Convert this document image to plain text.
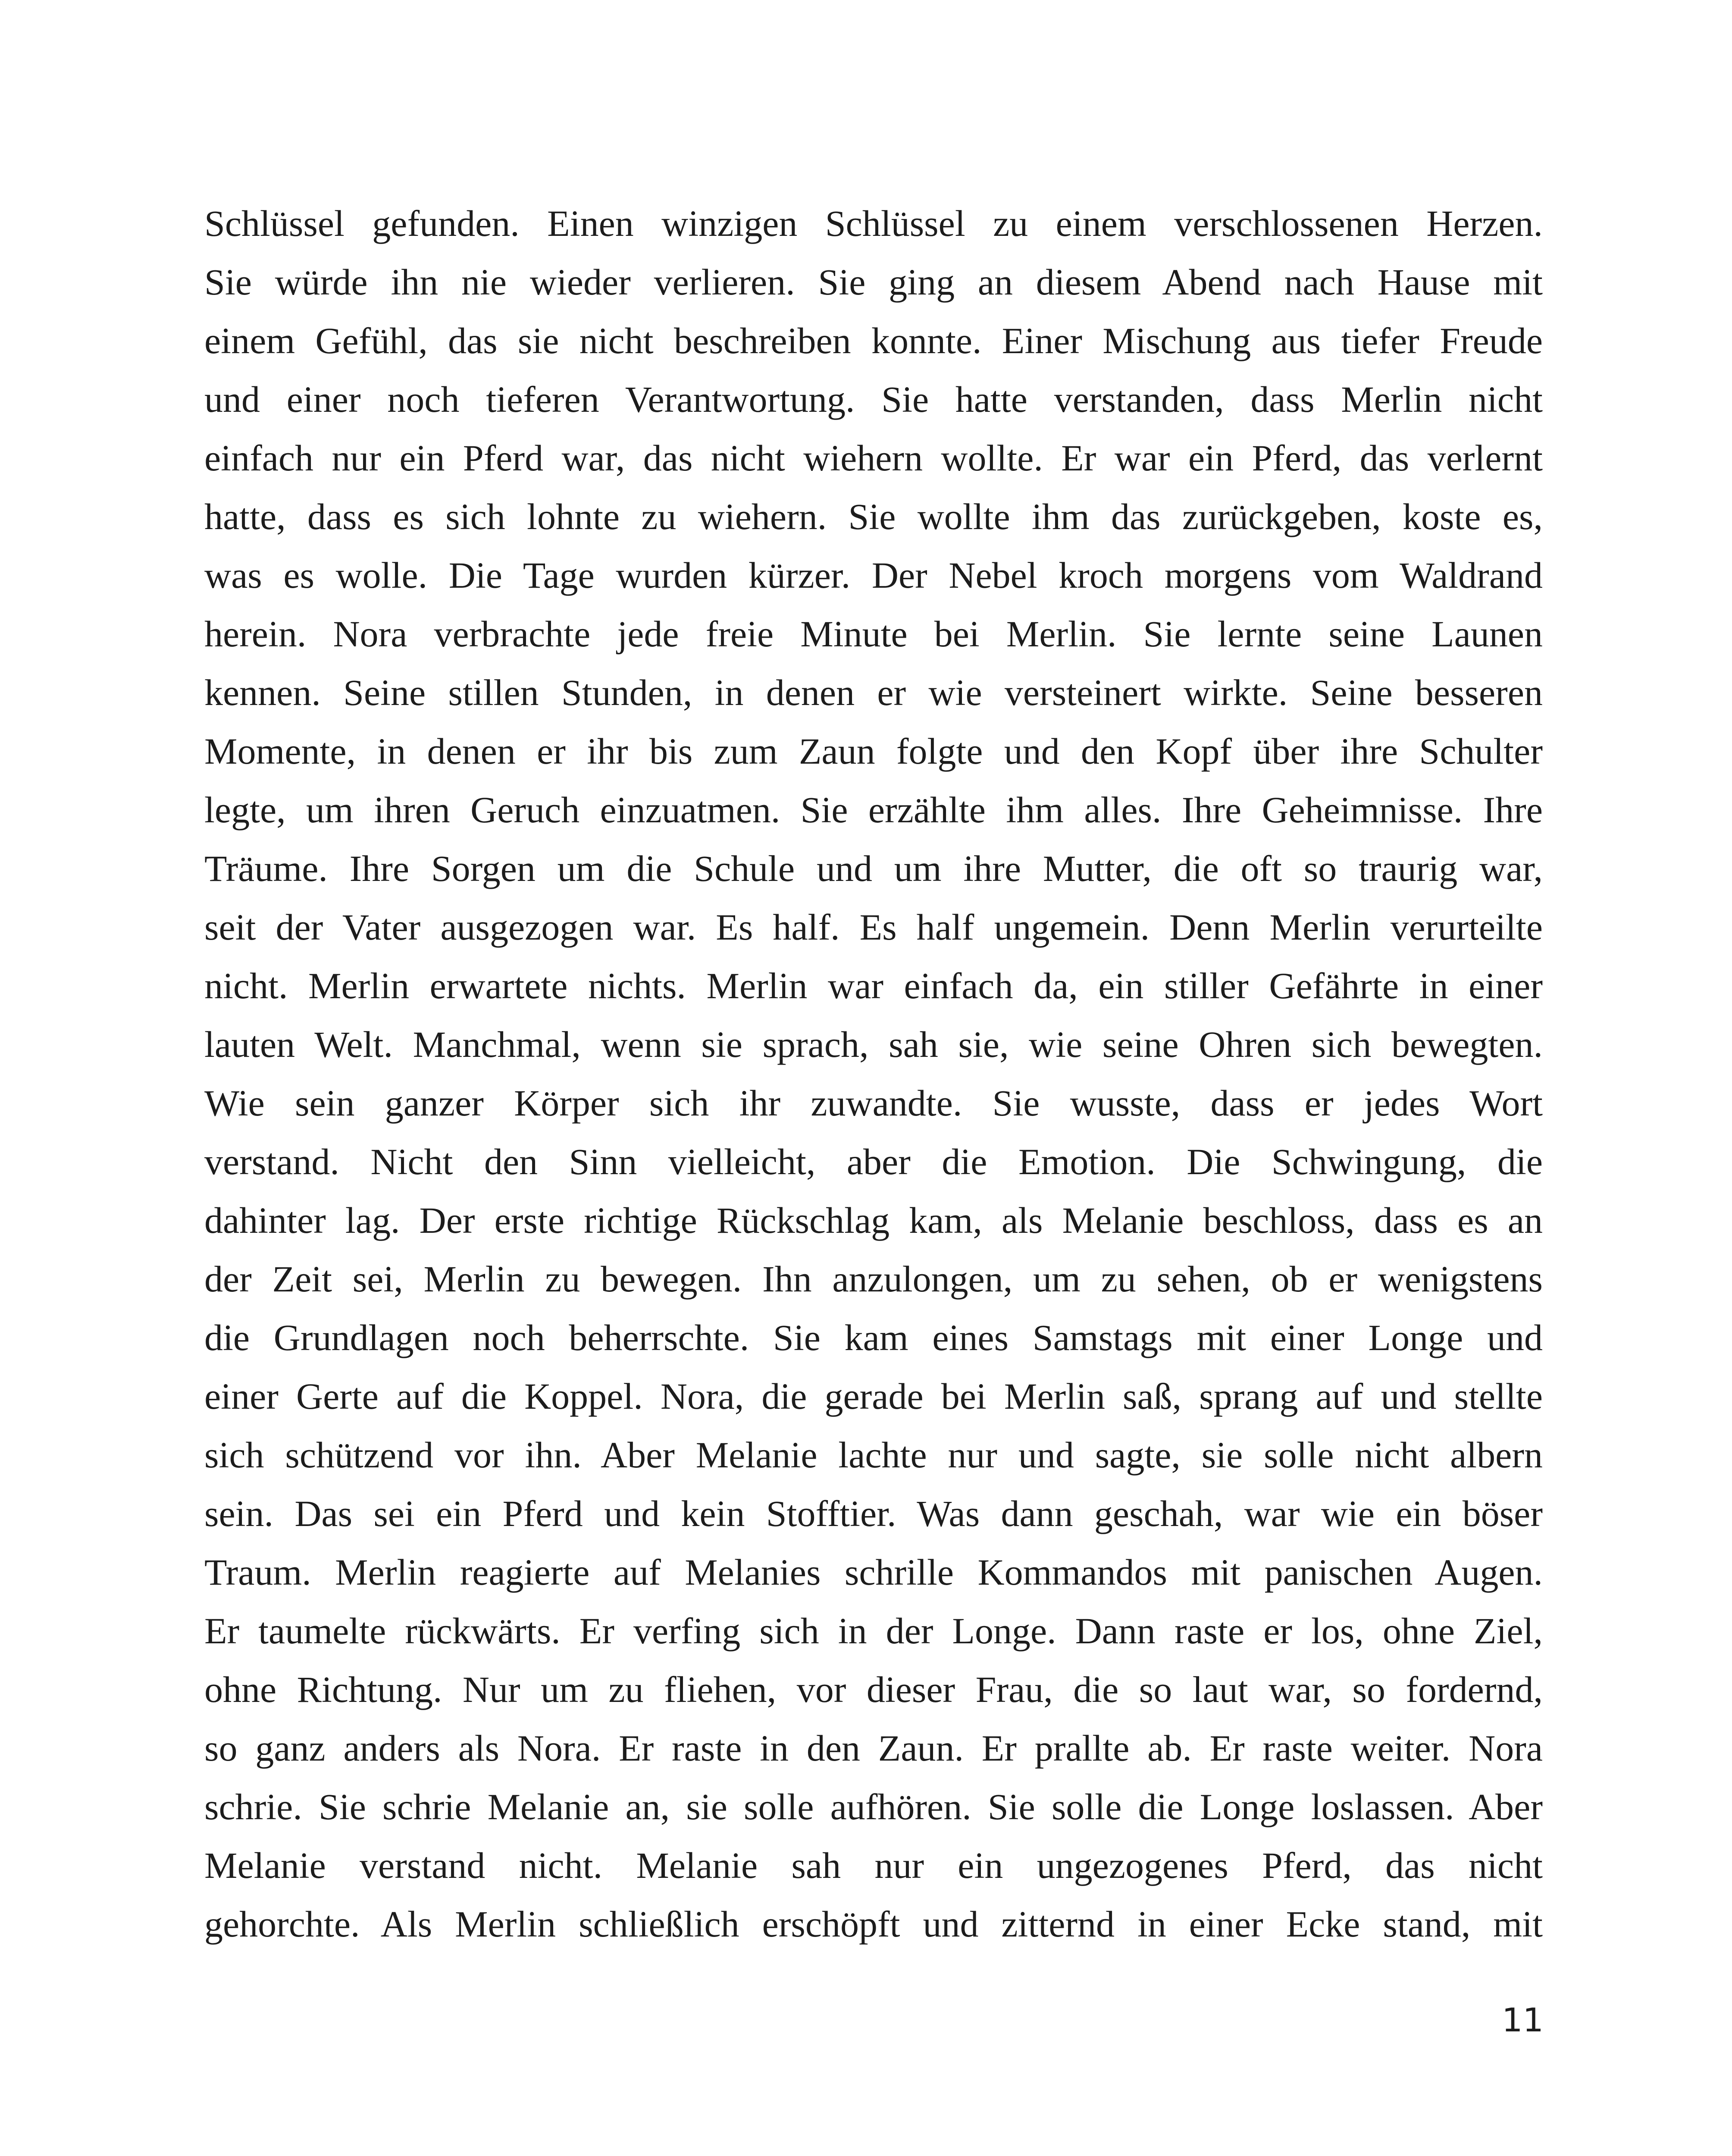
Schlüssel gefunden. Einen winzigen Schlüssel zu einem verschlossenen Herzen.
Sie würde ihn nie wieder verlieren. Sie ging an diesem Abend nach Hause mit
einem Gefühl, das sie nicht beschreiben konnte. Einer Mischung aus tiefer Freude
und einer noch tieferen Verantwortung. Sie hatte verstanden, dass Merlin nicht
einfach nur ein Pferd war, das nicht wiehern wollte. Er war ein Pferd, das verlernt
hatte, dass es sich lohnte zu wiehern. Sie wollte ihm das zurückgeben, koste es,
was es wolle. Die Tage wurden kürzer. Der Nebel kroch morgens vom Waldrand
herein. Nora verbrachte jede freie Minute bei Merlin. Sie lernte seine Launen
kennen. Seine stillen Stunden, in denen er wie versteinert wirkte. Seine besseren
Momente, in denen er ihr bis zum Zaun folgte und den Kopf über ihre Schulter
legte, um ihren Geruch einzuatmen. Sie erzählte ihm alles. Ihre Geheimnisse. Ihre
Träume. Ihre Sorgen um die Schule und um ihre Mutter, die oft so traurig war,
seit der Vater ausgezogen war. Es half. Es half ungemein. Denn Merlin verurteilte
nicht. Merlin erwartete nichts. Merlin war einfach da, ein stiller Gefährte in einer
lauten Welt. Manchmal, wenn sie sprach, sah sie, wie seine Ohren sich bewegten.
Wie sein ganzer Körper sich ihr zuwandte. Sie wusste, dass er jedes Wort
verstand. Nicht den Sinn vielleicht, aber die Emotion. Die Schwingung, die
dahinter lag. Der erste richtige Rückschlag kam, als Melanie beschloss, dass es an
der Zeit sei, Merlin zu bewegen. Ihn anzulongen, um zu sehen, ob er wenigstens
die Grundlagen noch beherrschte. Sie kam eines Samstags mit einer Longe und
einer Gerte auf die Koppel. Nora, die gerade bei Merlin saß, sprang auf und stellte
sich schützend vor ihn. Aber Melanie lachte nur und sagte, sie solle nicht albern
sein. Das sei ein Pferd und kein Stofftier. Was dann geschah, war wie ein böser
Traum. Merlin reagierte auf Melanies schrille Kommandos mit panischen Augen.
Er taumelte rückwärts. Er verfing sich in der Longe. Dann raste er los, ohne Ziel,
ohne Richtung. Nur um zu fliehen, vor dieser Frau, die so laut war, so fordernd,
so ganz anders als Nora. Er raste in den Zaun. Er prallte ab. Er raste weiter. Nora
schrie. Sie schrie Melanie an, sie solle aufhören. Sie solle die Longe loslassen. Aber
Melanie verstand nicht. Melanie sah nur ein ungezogenes Pferd, das nicht
gehorchte. Als Merlin schließlich erschöpft und zitternd in einer Ecke stand, mit
11
